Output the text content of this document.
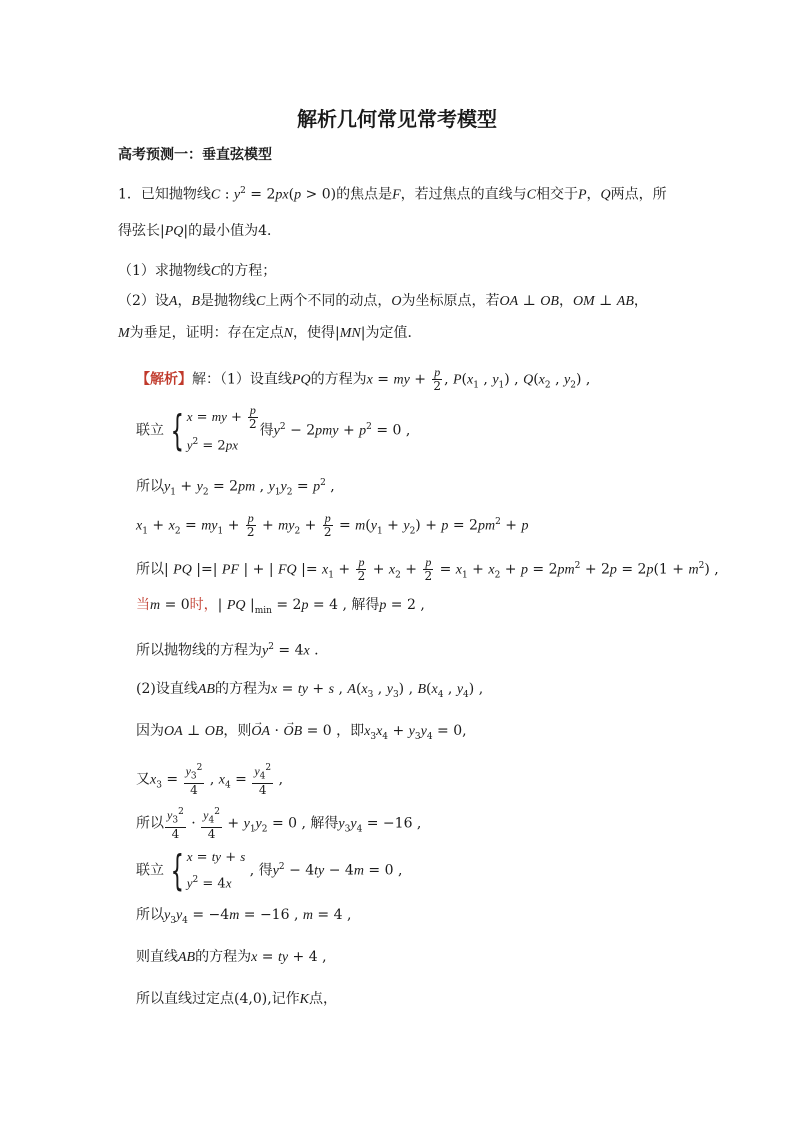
解析几何常见常考模型
高考预测一：垂直弦模型
1．已知抛物线C : $y^2 = 2px(p > 0)$的焦点是F，若过焦点的直线与C相交于P，Q两点，所
得弦长|PQ|的最小值为4．
（1）求抛物线C的方程；
（2）设A，B是抛物线C上两个不同的动点，O为坐标原点，若OA ⊥ OB，OM ⊥ AB，
M为垂足，证明：存在定点N，使得|MN|为定值．
【解析】解：（1）设直线PQ的方程为x = my + $\frac{p}{2}$ , $P(x_1$ , $y_1$) , $Q(x_2$ , $y_2$) ,
联立 { x = my + $\frac{p}{2}$
$y^2 = 2px$
得$y^2 - 2pmy + p^2 = 0$ ,
所以$y_1 + y_2 = 2pm$ , $y_1y_2 = p^2$ ,
$x_1 + x_2 = my_1 + \frac{p}{2} + my_2 + \frac{p}{2} = m(y_1 + y_2) + p = 2pm^2 + p$
所以| PQ |=| PF | + | FQ |= $x_1 + \frac{p}{2} + x_2 + \frac{p}{2} = x_1 + x_2 + p = 2pm^2 + 2p = 2p(1 + m^2)$ ,
当m = 0时，| PQ $|_{min} = 2p = 4$ , 解得p = 2 ,
所以抛物线的方程为$y^2 = 4x$ .
(2)设直线AB的方程为x = ty + s , $A(x_3$ , $y_3$) , $B(x_4$ , $y_4$) ,
因为OA ⊥ OB，则→ OA · → OB = 0 ，即$x_3x_4 + y_3y_4 = 0$,
又$x_3 = \frac{y_3^2}{4}$ , $x_4 = \frac{y_4^2}{4}$ ,
所以 $\frac{y_3^2}{4} \cdot \frac{y_4^2}{4} + y_1y_2 = 0$ , 解得$y_3y_4 = -16$ ,
联立 { x = ty + s
$y^2 = 4x$
, 得$y^2 - 4ty - 4m = 0$ ,
所以$y_3y_4 = -4m = -16$ , m = 4 ,
则直线AB的方程为x = ty + 4 ,
所以直线过定点(4,0),记作K点，
